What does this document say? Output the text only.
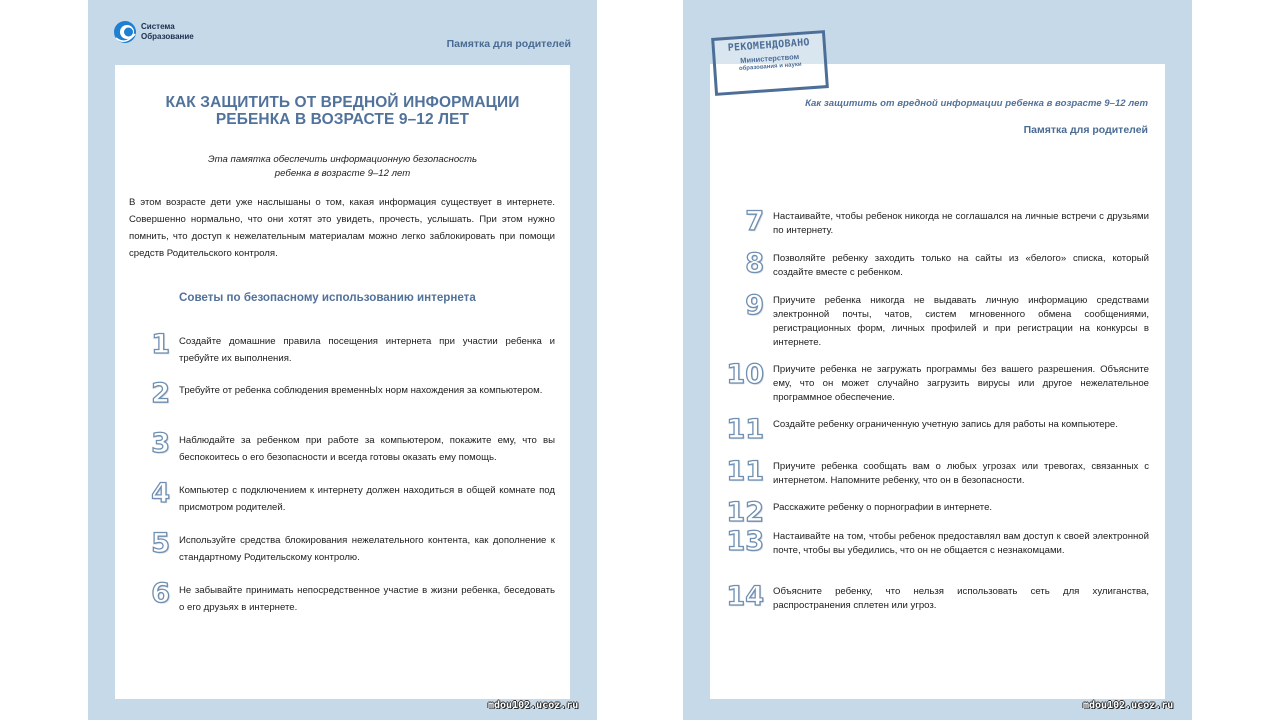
Система
Образование
Памятка для родителей
КАК ЗАЩИТИТЬ ОТ ВРЕДНОЙ ИНФОРМАЦИИ
РЕБЕНКА В ВОЗРАСТЕ 9–12 ЛЕТ
Эта памятка обеспечить информационную безопасность
ребенка в возрасте 9–12 лет
В этом возрасте дети уже наслышаны о том, какая информация существует в интернете. Совершенно нормально, что они хотят это увидеть, прочесть, услышать. При этом нужно помнить, что доступ к нежелательным материалам можно легко заблокировать при помощи средств Родительского контроля.
Советы по безопасному использованию интернета
1 Создайте домашние правила посещения интернета при участии ребенка и требуйте их выполнения.
2 Требуйте от ребенка соблюдения временнЫх норм нахождения за компьютером.
3 Наблюдайте за ребенком при работе за компьютером, покажите ему, что вы беспокоитесь о его безопасности и всегда готовы оказать ему помощь.
4 Компьютер с подключением к интернету должен находиться в общей комнате под присмотром родителей.
5 Используйте средства блокирования нежелательного контента, как дополнение к стандартному Родительскому контролю.
6 Не забывайте принимать непосредственное участие в жизни ребенка, беседовать о его друзьях в интернете.
mdou102.ucoz.ru
Как защитить от вредной информации ребенка в возрасте 9–12 лет
Памятка для родителей
7 Настаивайте, чтобы ребенок никогда не соглашался на личные встречи с друзьями по интернету.
8 Позволяйте ребенку заходить только на сайты из «белого» списка, который создайте вместе с ребенком.
9 Приучите ребенка никогда не выдавать личную информацию средствами электронной почты, чатов, систем мгновенного обмена сообщениями, регистрационных форм, личных профилей и при регистрации на конкурсы в интернете.
10 Приучите ребенка не загружать программы без вашего разрешения. Объясните ему, что он может случайно загрузить вирусы или другое нежелательное программное обеспечение.
11 Создайте ребенку ограниченную учетную запись для работы на компьютере.
11 Приучите ребенка сообщать вам о любых угрозах или тревогах, связанных с интернетом. Напомните ребенку, что он в безопасности.
12 Расскажите ребенку о порнографии в интернете.
13 Настаивайте на том, чтобы ребенок предоставлял вам доступ к своей электронной почте, чтобы вы убедились, что он не общается с незнакомцами.
14 Объясните ребенку, что нельзя использовать сеть для хулиганства, распространения сплетен или угроз.
РЕКОМЕНДОВАНО
Министерством
образования и науки
mdou102.ucoz.ru
